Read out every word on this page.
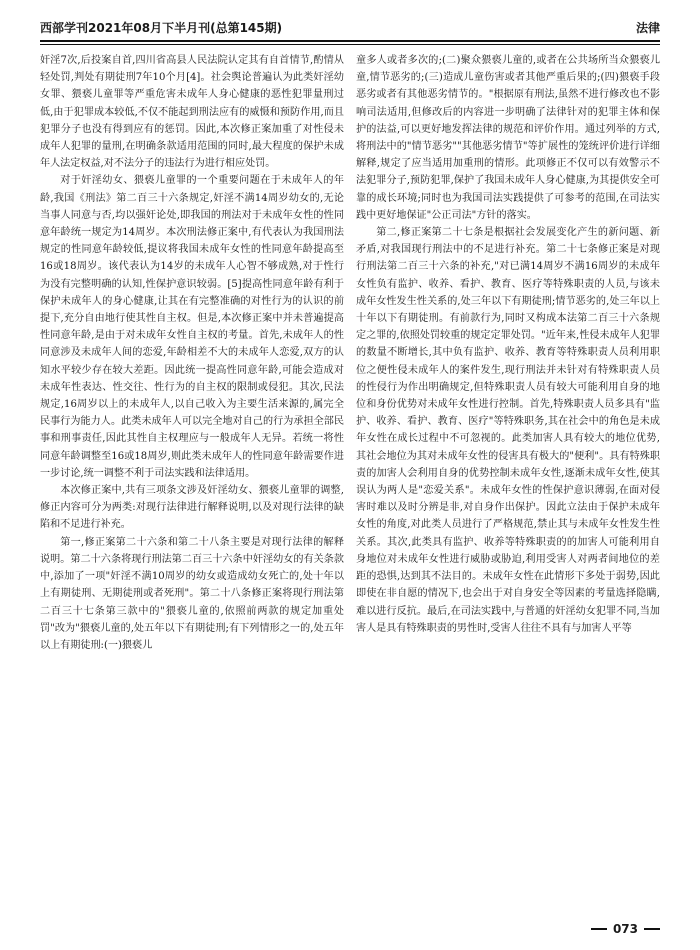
西部学刊2021年08月下半月刊(总第145期)	法律

奸淫7次,后投案自首,四川省高县人民法院认定其有自首情节,酌情从轻处罚,判处有期徒刑7年10个月[4]。社会舆论普遍认为此类奸淫幼女罪、猥亵儿童罪等严重危害未成年人身心健康的恶性犯罪量刑过低,由于犯罪成本较低,不仅不能起到刑法应有的威慑和预防作用,而且犯罪分子也没有得到应有的惩罚。因此,本次修正案加重了对性侵未成年人犯罪的量刑,在明确条款适用范围的同时,最大程度的保护未成年人法定权益,对不法分子的违法行为进行相应处罚。

对于奸淫幼女、猥亵儿童罪的一个重要问题在于未成年人的年龄,我国《刑法》第二百三十六条规定,奸淫不满14周岁幼女的,无论当事人同意与否,均以强奸论处,即我国的刑法对于未成年女性的性同意年龄统一规定为14周岁。本次刑法修正案中,有代表认为我国刑法规定的性同意年龄较低,提议将我国未成年女性的性同意年龄提高至16或18周岁。该代表认为14岁的未成年人心智不够成熟,对于性行为没有完整明确的认知,性保护意识较弱。[5]提高性同意年龄有利于保护未成年人的身心健康,让其在有完整准确的对性行为的认识的前提下,充分自由地行使其性自主权。但是,本次修正案中并未普遍提高性同意年龄,是由于对未成年女性自主权的考量。首先,未成年人的性同意涉及未成年人间的恋爱,年龄相差不大的未成年人恋爱,双方的认知水平较少存在较大差距。因此统一提高性同意年龄,可能会造成对未成年性表达、性交往、性行为的自主权的限制或侵犯。其次,民法规定,16周岁以上的未成年人,以自己收入为主要生活来源的,属完全民事行为能力人。此类未成年人可以完全地对自己的行为承担全部民事和刑事责任,因此其性自主权理应与一般成年人无异。若统一将性同意年龄调整至16或18周岁,则此类未成年人的性同意年龄需要作进一步讨论,统一调整不利于司法实践和法律适用。

本次修正案中,共有三项条文涉及奸淫幼女、猥亵儿童罪的调整,修正内容可分为两类:对现行法律进行解释说明,以及对现行法律的缺陷和不足进行补充。

第一,修正案第二十六条和第二十八条主要是对现行法律的解释说明。第二十六条将现行刑法第二百三十六条中奸淫幼女的有关条款中,添加了一项"奸淫不满10周岁的幼女或造成幼女死亡的,处十年以上有期徒刑、无期徒刑或者死刑"。第二十八条修正案将现行刑法第二百三十七条第三款中的"猥亵儿童的,依照前两款的规定加重处罚"改为"猥亵儿童的,处五年以下有期徒刑;有下列情形之一的,处五年以上有期徒刑:(一)猥亵儿

童多人或者多次的;(二)聚众猥亵儿童的,或者在公共场所当众猥亵儿童,情节恶劣的;(三)造成儿童伤害或者其他严重后果的;(四)猥亵手段恶劣或者有其他恶劣情节的。"根据原有刑法,虽然不进行修改也不影响司法适用,但修改后的内容进一步明确了法律针对的犯罪主体和保护的法益,可以更好地发挥法律的规范和评价作用。通过列举的方式,将刑法中的"情节恶劣""其他恶劣情节"等扩展性的笼统评价进行详细解释,规定了应当适用加重刑的情形。此项修正不仅可以有效警示不法犯罪分子,预防犯罪,保护了我国未成年人身心健康,为其提供安全可靠的成长环境;同时也为我国司法实践提供了可参考的范围,在司法实践中更好地保证"公正司法"方针的落实。

第二,修正案第二十七条是根据社会发展变化产生的新问题、新矛盾,对我国现行刑法中的不足进行补充。第二十七条修正案是对现行刑法第二百三十六条的补充,"对已满14周岁不满16周岁的未成年女性负有监护、收养、看护、教育、医疗等特殊职责的人员,与该未成年女性发生性关系的,处三年以下有期徒刑;情节恶劣的,处三年以上十年以下有期徒刑。有前款行为,同时又构成本法第二百三十六条规定之罪的,依照处罚较重的规定定罪处罚。"近年来,性侵未成年人犯罪的数量不断增长,其中负有监护、收养、教育等特殊职责人员利用职位之便性侵未成年人的案件发生,现行刑法并未针对有特殊职责人员的性侵行为作出明确规定,但特殊职责人员有较大可能利用自身的地位和身份优势对未成年女性进行控制。首先,特殊职责人员多具有"监护、收养、看护、教育、医疗"等特殊职务,其在社会中的角色是未成年女性在成长过程中不可忽视的。此类加害人具有较大的地位优势,其社会地位为其对未成年女性的侵害具有极大的"便利"。具有特殊职责的加害人会利用自身的优势控制未成年女性,逐渐未成年女性,使其误认为两人是"恋爱关系"。未成年女性的性保护意识薄弱,在面对侵害时难以及时分辨是非,对自身作出保护。因此立法由于保护未成年女性的角度,对此类人员进行了严格规范,禁止其与未成年女性发生性关系。其次,此类具有监护、收养等特殊职责的的加害人可能利用自身地位对未成年女性进行威胁或胁迫,利用受害人对两者间地位的差距的恐惧,达到其不法目的。未成年女性在此情形下多处于弱势,因此即使在非自愿的情况下,也会出于对自身安全等因素的考量选择隐瞒,难以进行反抗。最后,在司法实践中,与普通的奸淫幼女犯罪不同,当加害人是具有特殊职责的男性时,受害人往往不具有与加害人平等

073
